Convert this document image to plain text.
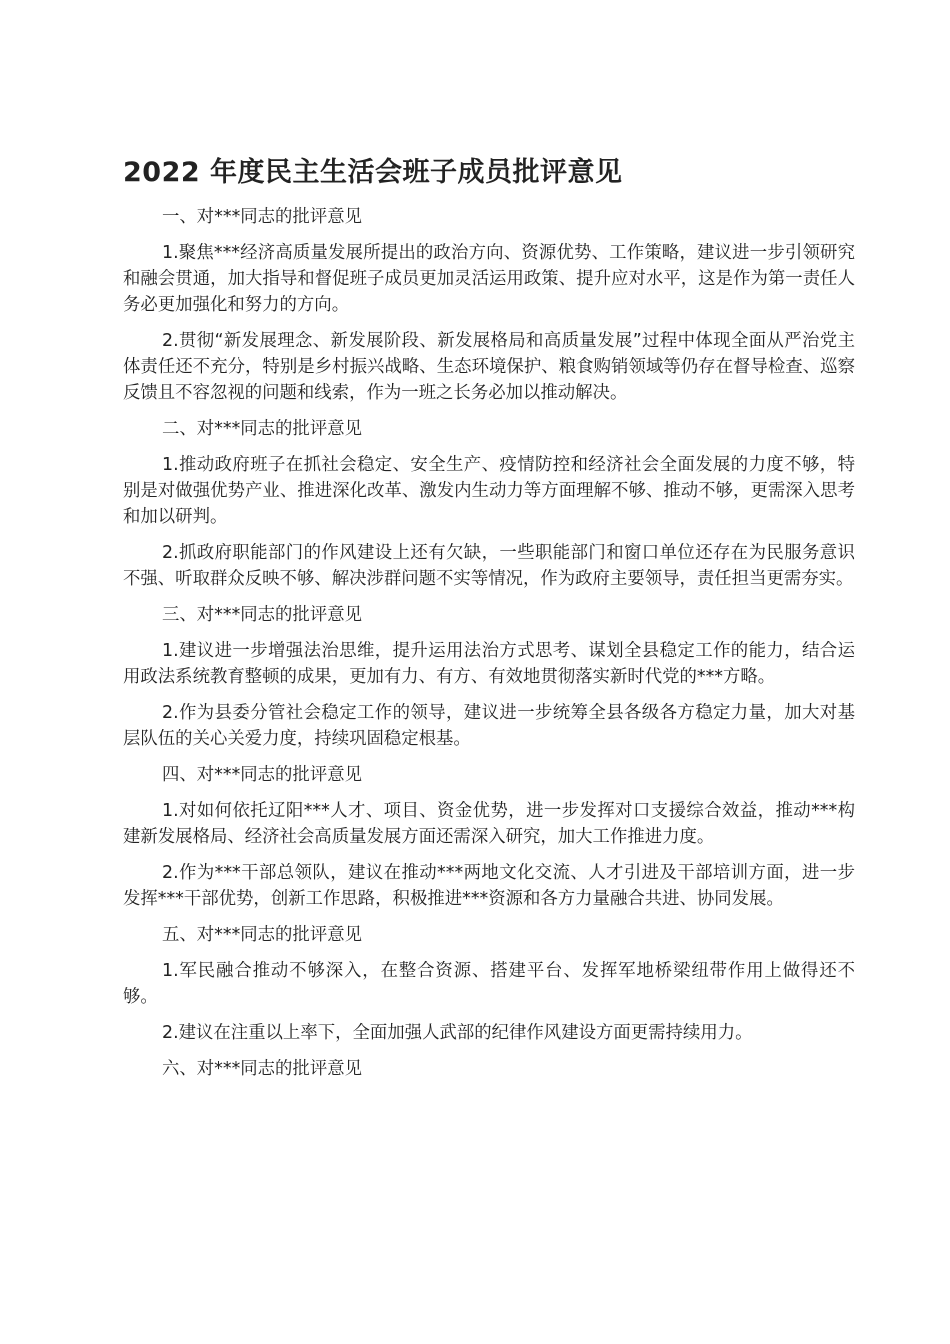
2022 年度民主生活会班子成员批评意见

一、对***同志的批评意见

1.聚焦***经济高质量发展所提出的政治方向、资源优势、工作策略，建议进一步引领研究和融会贯通，加大指导和督促班子成员更加灵活运用政策、提升应对水平，这是作为第一责任人务必更加强化和努力的方向。

2.贯彻“新发展理念、新发展阶段、新发展格局和高质量发展”过程中体现全面从严治党主体责任还不充分，特别是乡村振兴战略、生态环境保护、粮食购销领域等仍存在督导检查、巡察反馈且不容忽视的问题和线索，作为一班之长务必加以推动解决。

二、对***同志的批评意见

1.推动政府班子在抓社会稳定、安全生产、疫情防控和经济社会全面发展的力度不够，特别是对做强优势产业、推进深化改革、激发内生动力等方面理解不够、推动不够，更需深入思考和加以研判。

2.抓政府职能部门的作风建设上还有欠缺，一些职能部门和窗口单位还存在为民服务意识不强、听取群众反映不够、解决涉群问题不实等情况，作为政府主要领导，责任担当更需夯实。

三、对***同志的批评意见

1.建议进一步增强法治思维，提升运用法治方式思考、谋划全县稳定工作的能力，结合运用政法系统教育整顿的成果，更加有力、有方、有效地贯彻落实新时代党的***方略。

2.作为县委分管社会稳定工作的领导，建议进一步统筹全县各级各方稳定力量，加大对基层队伍的关心关爱力度，持续巩固稳定根基。

四、对***同志的批评意见

1.对如何依托辽阳***人才、项目、资金优势，进一步发挥对口支援综合效益，推动***构建新发展格局、经济社会高质量发展方面还需深入研究，加大工作推进力度。

2.作为***干部总领队，建议在推动***两地文化交流、人才引进及干部培训方面，进一步发挥***干部优势，创新工作思路，积极推进***资源和各方力量融合共进、协同发展。

五、对***同志的批评意见

1.军民融合推动不够深入，在整合资源、搭建平台、发挥军地桥梁纽带作用上做得还不够。

2.建议在注重以上率下，全面加强人武部的纪律作风建设方面更需持续用力。

六、对***同志的批评意见
